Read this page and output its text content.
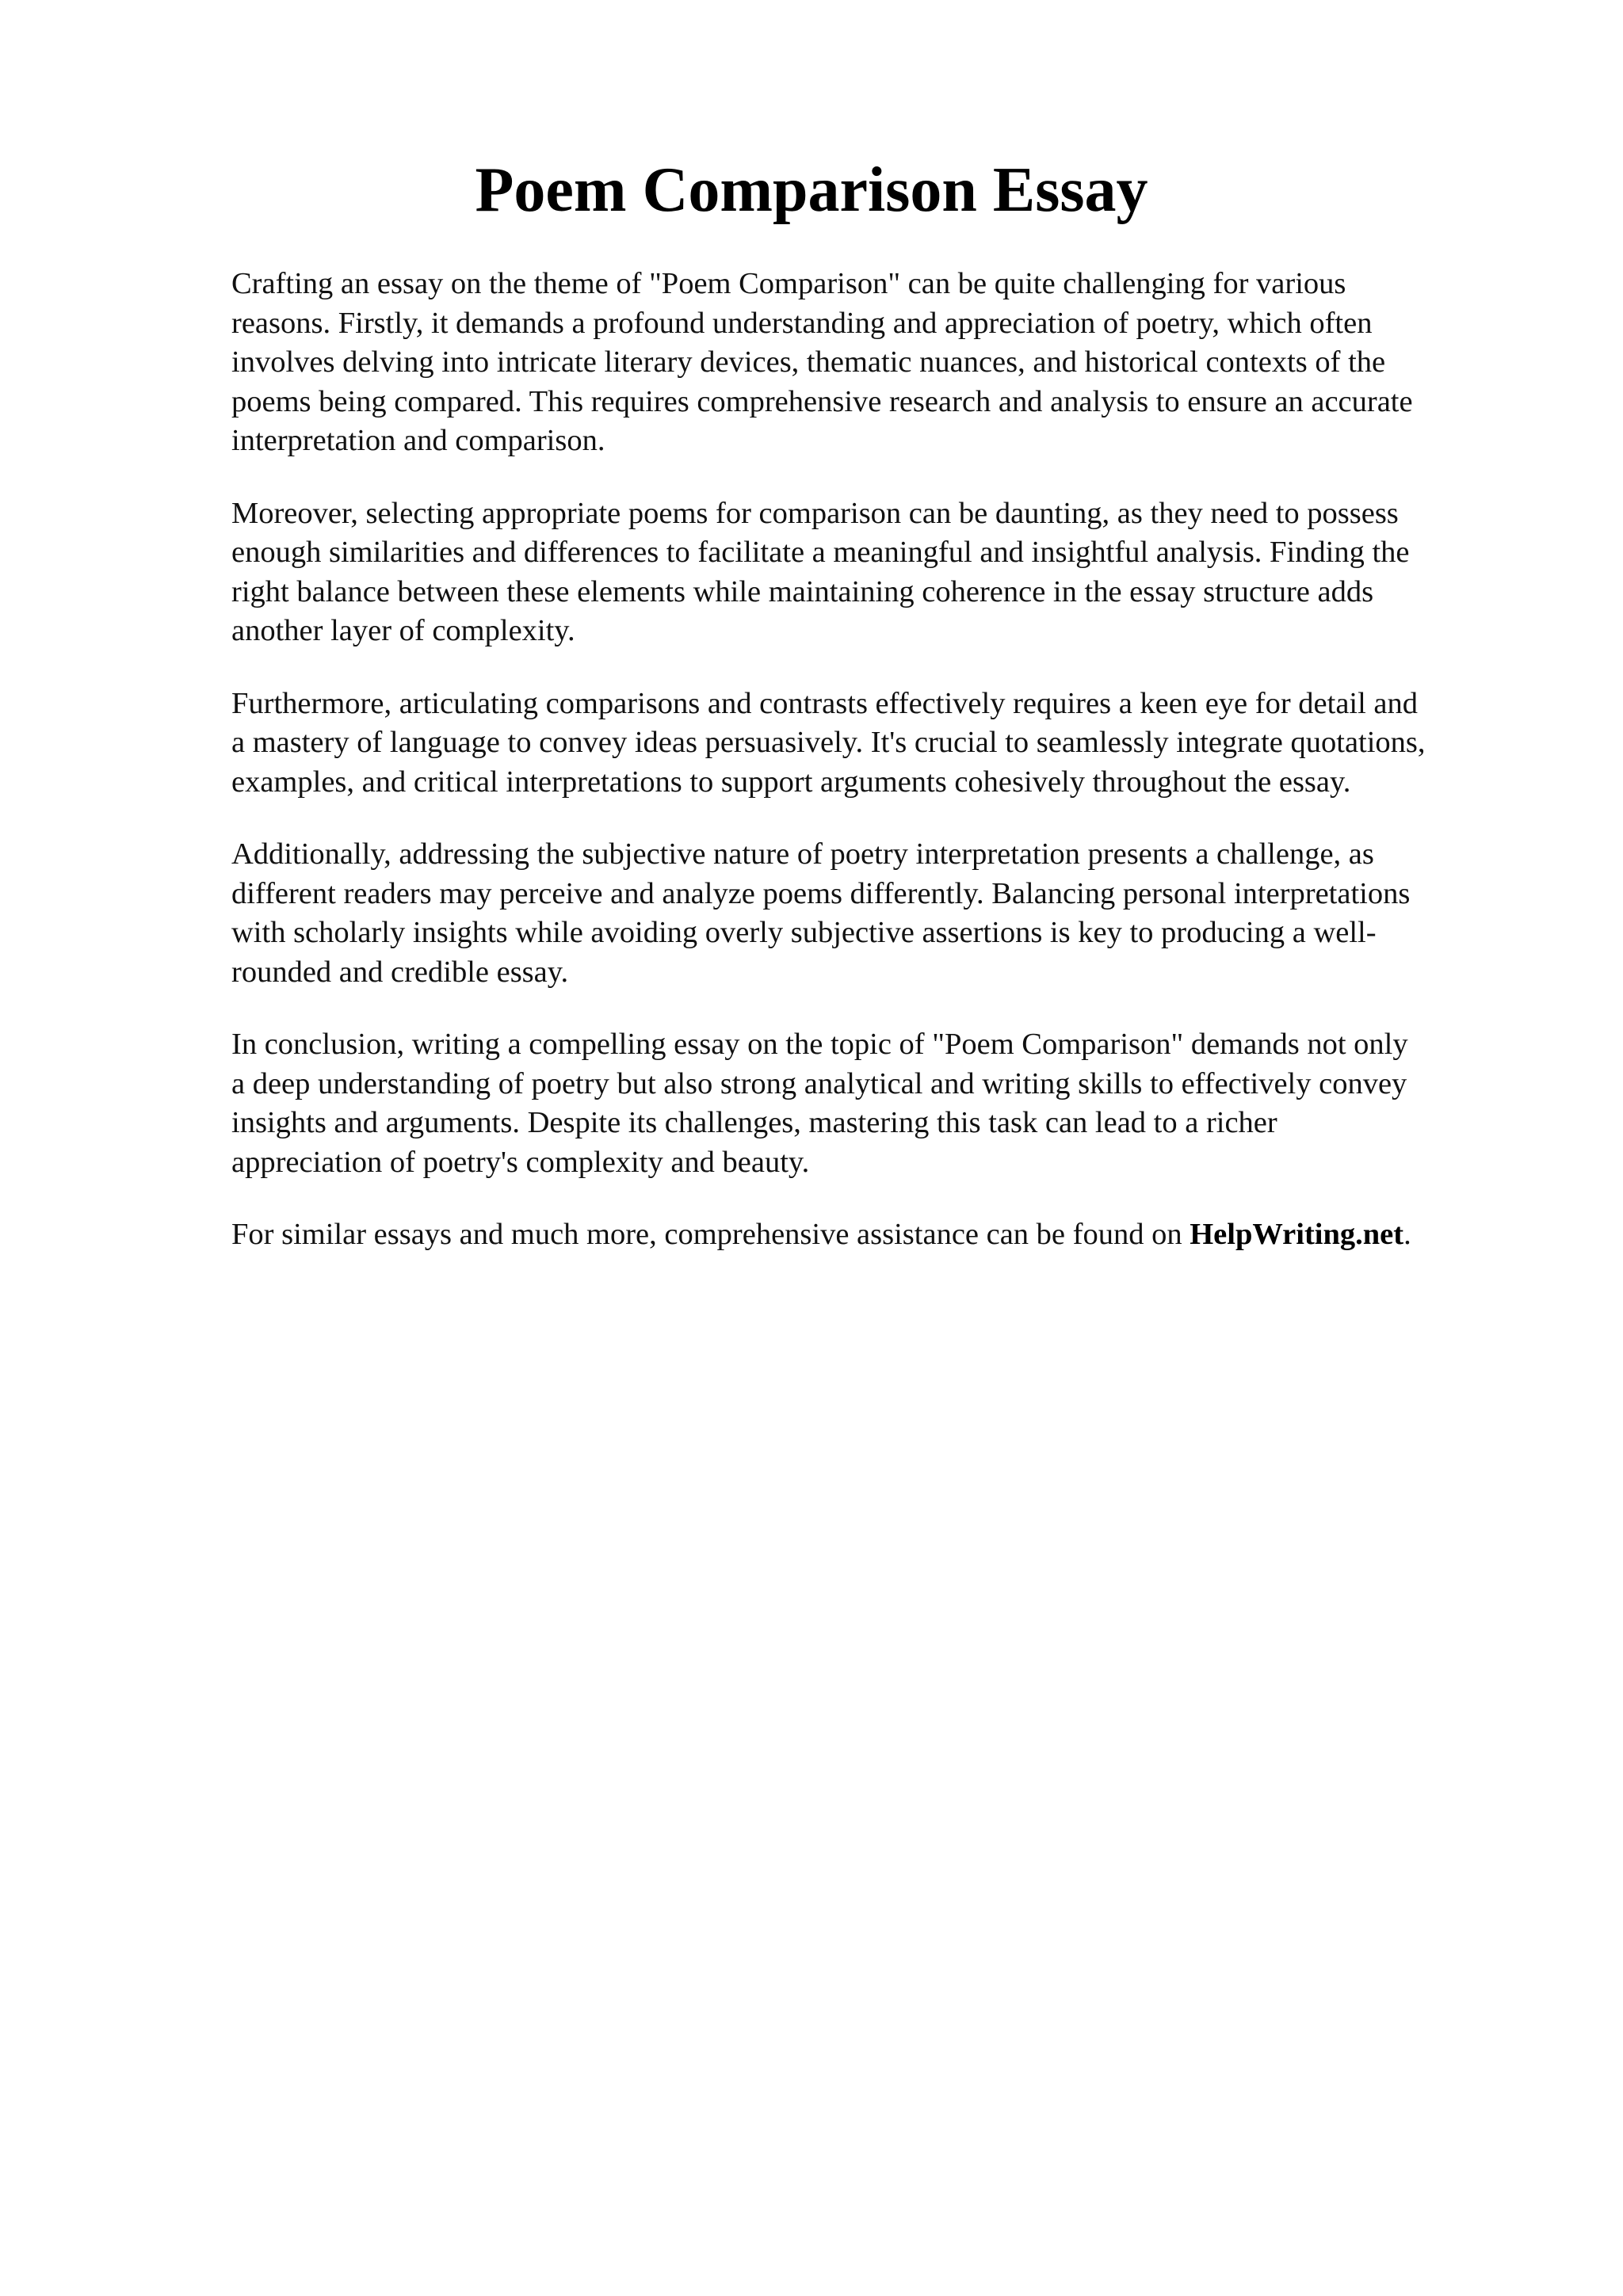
Poem Comparison Essay

Crafting an essay on the theme of "Poem Comparison" can be quite challenging for various
reasons. Firstly, it demands a profound understanding and appreciation of poetry, which often
involves delving into intricate literary devices, thematic nuances, and historical contexts of the
poems being compared. This requires comprehensive research and analysis to ensure an accurate
interpretation and comparison.

Moreover, selecting appropriate poems for comparison can be daunting, as they need to possess
enough similarities and differences to facilitate a meaningful and insightful analysis. Finding the
right balance between these elements while maintaining coherence in the essay structure adds
another layer of complexity.

Furthermore, articulating comparisons and contrasts effectively requires a keen eye for detail and
a mastery of language to convey ideas persuasively. It's crucial to seamlessly integrate quotations,
examples, and critical interpretations to support arguments cohesively throughout the essay.

Additionally, addressing the subjective nature of poetry interpretation presents a challenge, as
different readers may perceive and analyze poems differently. Balancing personal interpretations
with scholarly insights while avoiding overly subjective assertions is key to producing a well-
rounded and credible essay.

In conclusion, writing a compelling essay on the topic of "Poem Comparison" demands not only
a deep understanding of poetry but also strong analytical and writing skills to effectively convey
insights and arguments. Despite its challenges, mastering this task can lead to a richer
appreciation of poetry's complexity and beauty.

For similar essays and much more, comprehensive assistance can be found on HelpWriting.net.
